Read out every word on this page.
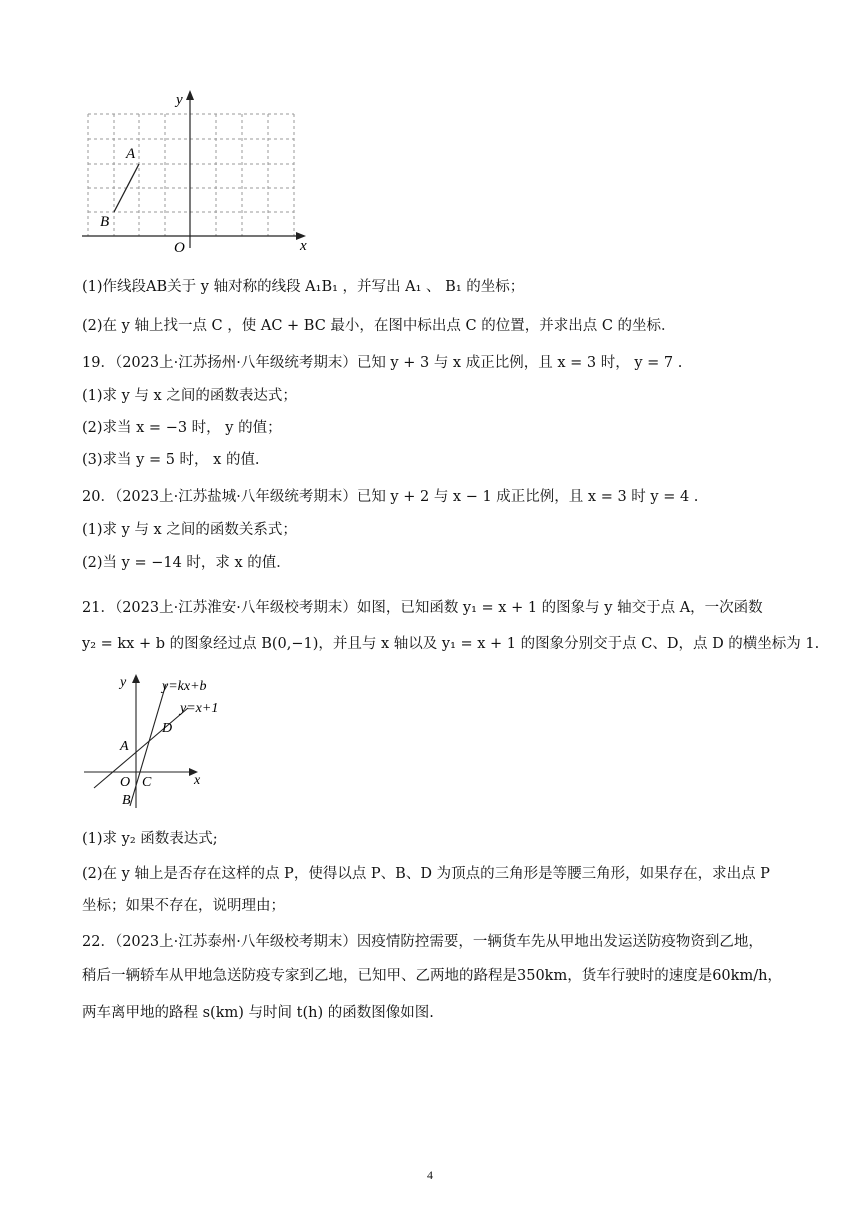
y
x
O
A
B
(1)作线段AB关于 y 轴对称的线段 A₁B₁ ，并写出 A₁ 、 B₁ 的坐标；
(2)在 y 轴上找一点 C ，使 AC + BC 最小，在图中标出点 C 的位置，并求出点 C 的坐标．
19．（2023上·江苏扬州·八年级统考期末）已知 y + 3 与 x 成正比例，且 x = 3 时， y = 7 .
(1)求 y 与 x 之间的函数表达式；
(2)求当 x = −3 时， y 的值；
(3)求当 y = 5 时， x 的值.
20．（2023上·江苏盐城·八年级统考期末）已知 y + 2 与 x − 1 成正比例，且 x = 3 时 y = 4 .
(1)求 y 与 x 之间的函数关系式；
(2)当 y = −14 时，求 x 的值．
21．（2023上·江苏淮安·八年级校考期末）如图，已知函数 y₁ = x + 1 的图象与 y 轴交于点 A，一次函数
y₂ = kx + b 的图象经过点 B(0,−1)，并且与 x 轴以及 y₁ = x + 1 的图象分别交于点 C、D，点 D 的横坐标为 1.
y
x
y=kx+b
y=x+1
D
A
O C
B
(1)求 y₂ 函数表达式;
(2)在 y 轴上是否存在这样的点 P，使得以点 P、B、D 为顶点的三角形是等腰三角形，如果存在，求出点 P
坐标；如果不存在，说明理由；
22．（2023上·江苏泰州·八年级校考期末）因疫情防控需要，一辆货车先从甲地出发运送防疫物资到乙地，
稍后一辆轿车从甲地急送防疫专家到乙地，已知甲、乙两地的路程是350km，货车行驶时的速度是60km/h，
两车离甲地的路程 s(km) 与时间 t(h) 的函数图像如图.
4
